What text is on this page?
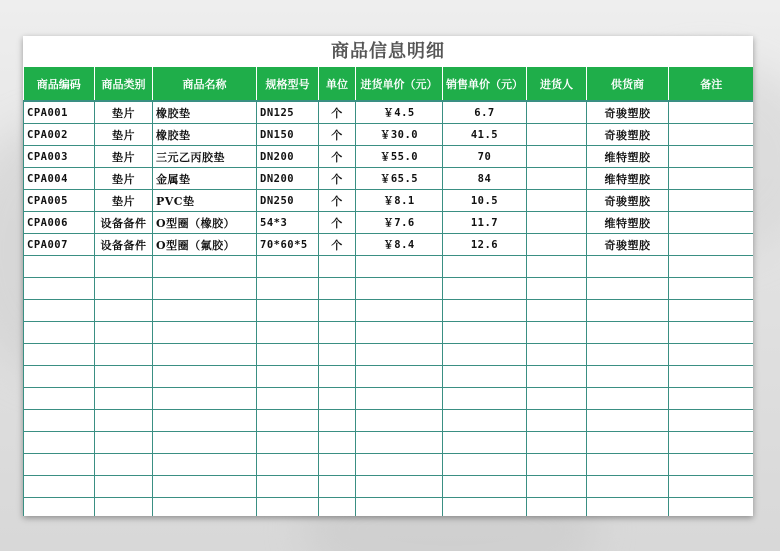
商品信息明细
商品编码	商品类别	商品名称	规格型号	单位	进货单价（元）	销售单价（元）	进货人	供货商	备注
CPA001	垫片	橡胶垫	DN125	个	￥4.5	6.7		奇骏塑胶	
CPA002	垫片	橡胶垫	DN150	个	￥30.0	41.5		奇骏塑胶	
CPA003	垫片	三元乙丙胶垫	DN200	个	￥55.0	70		维特塑胶	
CPA004	垫片	金属垫	DN200	个	￥65.5	84		维特塑胶	
CPA005	垫片	PVC垫	DN250	个	￥8.1	10.5		奇骏塑胶	
CPA006	设备备件	O型圈（橡胶）	54*3	个	￥7.6	11.7		维特塑胶	
CPA007	设备备件	O型圈（氟胶）	70*60*5	个	￥8.4	12.6		奇骏塑胶	
